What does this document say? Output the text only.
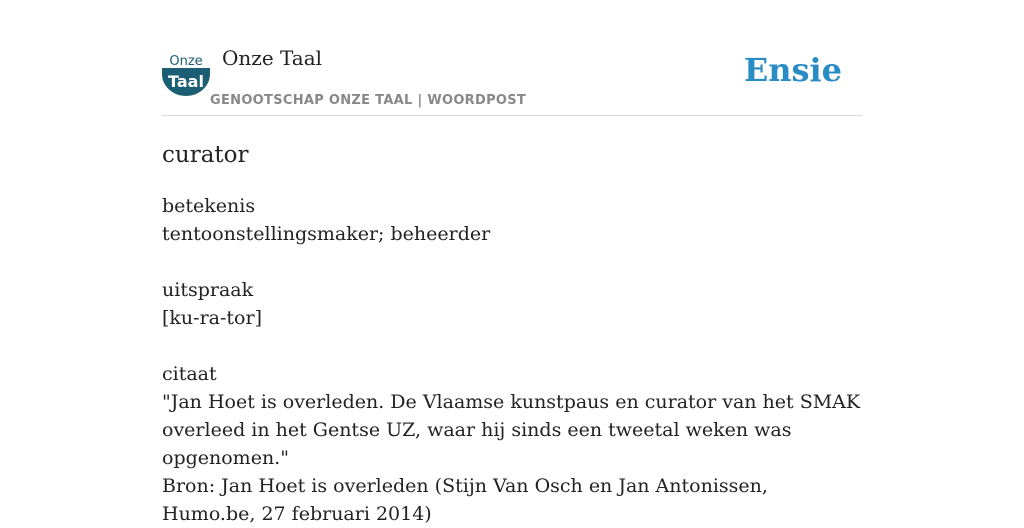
Onze
Taal
Onze Taal
GENOOTSCHAP ONZE TAAL | WOORDPOST
Ensie
curator

betekenis

tentoonstellingsmaker; beheerder

uitspraak

[ku-ra-tor]

citaat

"Jan Hoet is overleden. De Vlaamse kunstpaus en curator van het SMAK overleed in het Gentse UZ, waar hij sinds een tweetal weken was opgenomen."

Bron: Jan Hoet is overleden (Stijn Van Osch en Jan Antonissen, Humo.be, 27 februari 2014)
